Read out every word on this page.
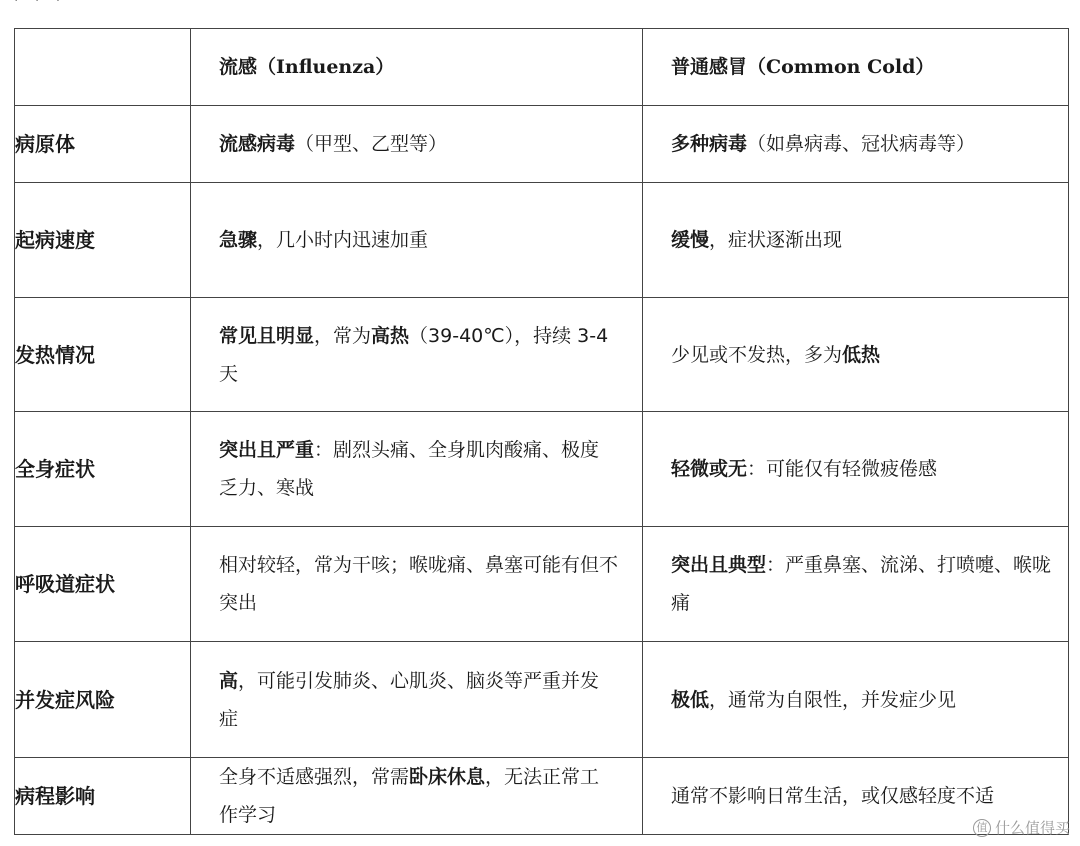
· · ·
	流感（Influenza）	普通感冒（Common Cold）
病原体	流感病毒（甲型、乙型等）	多种病毒（如鼻病毒、冠状病毒等）
起病速度	急骤，几小时内迅速加重	缓慢，症状逐渐出现
发热情况	常见且明显，常为高热（39-40℃），持续 3-4 天	少见或不发热，多为低热
全身症状	突出且严重：剧烈头痛、全身肌肉酸痛、极度乏力、寒战	轻微或无：可能仅有轻微疲倦感
呼吸道症状	相对较轻，常为干咳；喉咙痛、鼻塞可能有但不突出	突出且典型：严重鼻塞、流涕、打喷嚏、喉咙痛
并发症风险	高，可能引发肺炎、心肌炎、脑炎等严重并发症	极低，通常为自限性，并发症少见
病程影响	全身不适感强烈，常需卧床休息，无法正常工作学习	通常不影响日常生活，或仅感轻度不适
值 什么值得买
